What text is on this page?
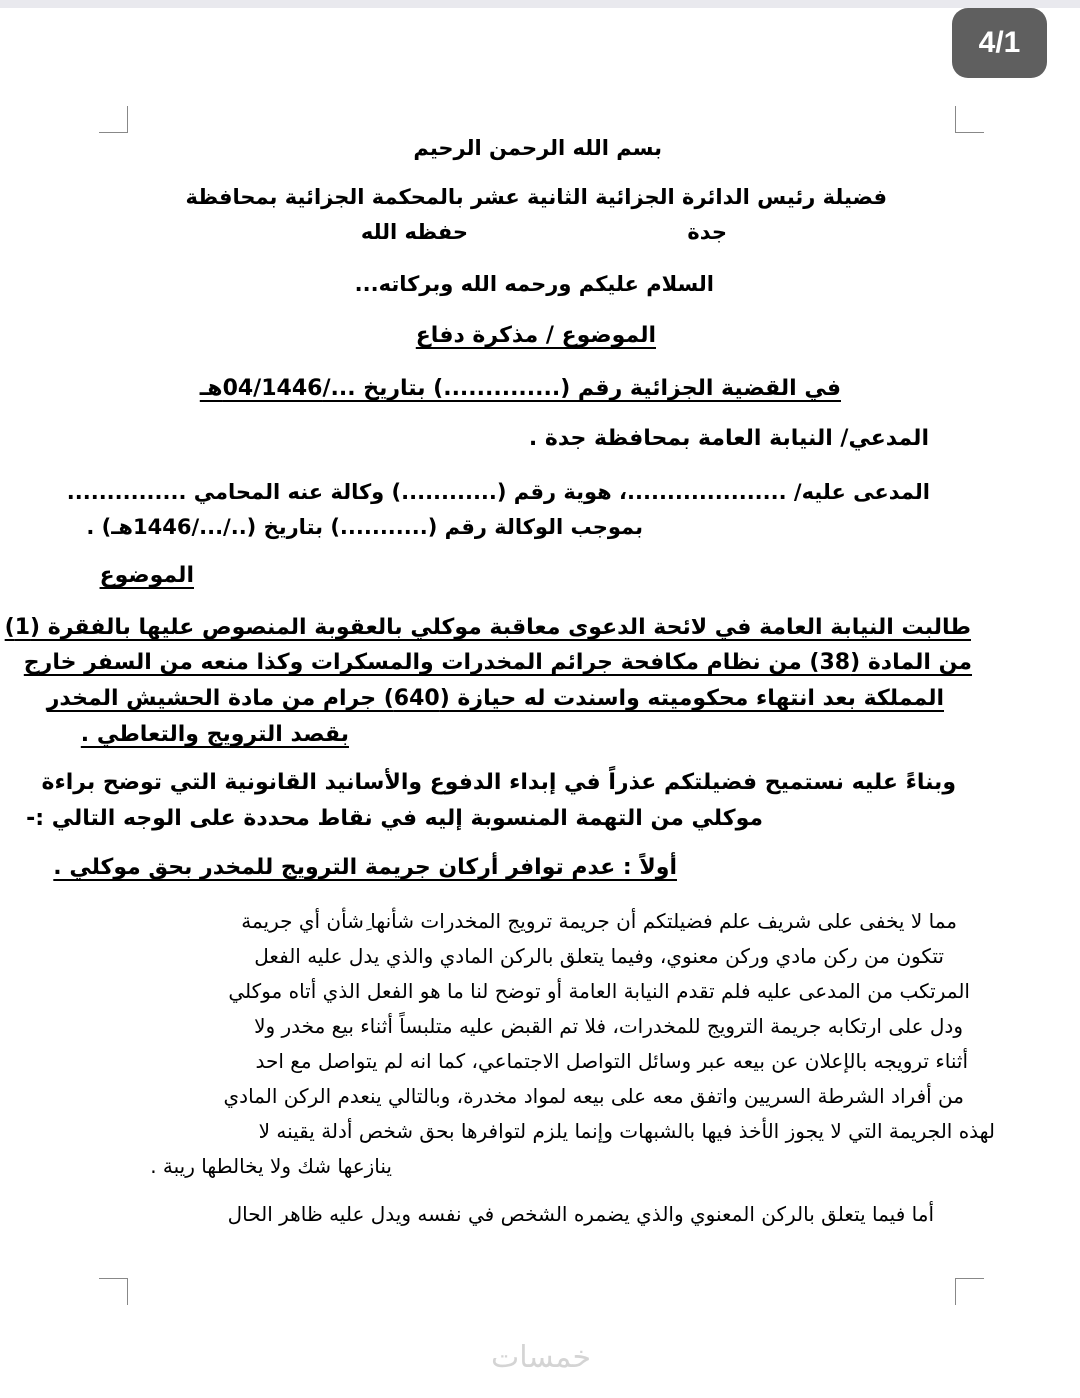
4/1
بسم الله الرحمن الرحيم
فضيلة رئيس الدائرة الجزائية الثانية عشر بالمحكمة الجزائية بمحافظة
جدة
حفظه الله
السلام عليكم ورحمه الله وبركاته...
الموضوع / مذكرة دفاع
في القضية الجزائية رقم (..............) بتاريخ .../04/1446هـ
المدعي/ النيابة العامة بمحافظة جدة .
المدعى عليه/ ....................، هوية رقم (............) وكالة عنه المحامي ...............
بموجب الوكالة رقم (...........) بتاريخ (../.../1446هـ) .
الموضوع
طالبت النيابة العامة في لائحة الدعوى معاقبة موكلي بالعقوبة المنصوص عليها بالفقرة (1)
من المادة (38) من نظام مكافحة جرائم المخدرات والمسكرات وكذا منعه من السفر خارج
المملكة بعد انتهاء محكوميته واسندت له حيازة (640) جرام من مادة الحشيش المخدر
بقصد الترويج والتعاطي .
وبناءً عليه نستميح فضيلتكم عذراً في إبداء الدفوع والأسانيد القانونية التي توضح براءة
موكلي من التهمة المنسوبة إليه في نقاط محددة على الوجه التالي :-
أولاً : عدم توافر أركان جريمة الترويج للمخدر بحق موكلي .
مما لا يخفى على شريف علم فضيلتكم أن جريمة ترويج المخدرات شأنها ِشأن أي جريمة
تتكون من ركن مادي وركن معنوي، وفيما يتعلق بالركن المادي والذي يدل عليه الفعل
المرتكب من المدعى عليه فلم تقدم النيابة العامة أو توضح لنا ما هو الفعل الذي أتاه موكلي
ودل على ارتكابه جريمة الترويج للمخدرات، فلا تم القبض عليه متلبساً أثناء بيع مخدر ولا
أثناء ترويجه بالإعلان عن بيعه عبر وسائل التواصل الاجتماعي، كما انه لم يتواصل مع احد
من أفراد الشرطة السريين واتفق معه على بيعه لمواد مخدرة، وبالتالي ينعدم الركن المادي
لهذه الجريمة التي لا يجوز الأخذ فيها بالشبهات وإنما يلزم لتوافرها بحق شخص أدلة يقينه لا
ينازعها شك ولا يخالطها ريبة .
أما فيما يتعلق بالركن المعنوي والذي يضمره الشخص في نفسه ويدل عليه ظاهر الحال
خمسات
